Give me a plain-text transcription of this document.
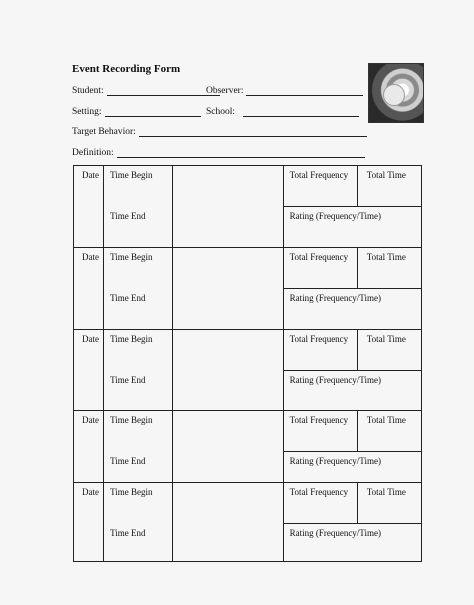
Event Recording Form
Student:	Observer:
Setting:	School:
Target Behavior:
Definition:
Date	Time Begin		Total Frequency	Total Time

	Time End		Rating (Frequency/Time)	

Date	Time Begin		Total Frequency	Total Time

	Time End		Rating (Frequency/Time)	

Date	Time Begin		Total Frequency	Total Time

	Time End		Rating (Frequency/Time)	

Date	Time Begin		Total Frequency	Total Time

	Time End		Rating (Frequency/Time)	

Date	Time Begin		Total Frequency	Total Time

	Time End		Rating (Frequency/Time)	
